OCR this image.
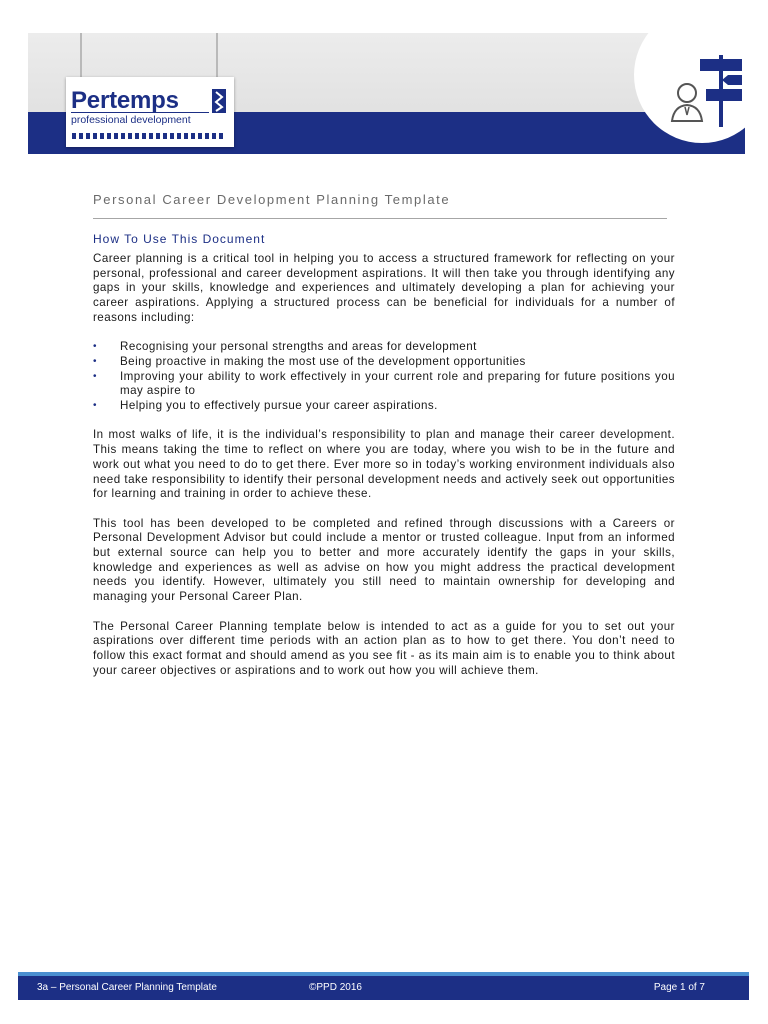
Pertemps
professional development
Personal Career Development Planning Template
How To Use This Document

Career planning is a critical tool in helping you to access a structured framework for reflecting on your personal, professional and career development aspirations. It will then take you through identifying any gaps in your skills, knowledge and experiences and ultimately developing a plan for achieving your career aspirations. Applying a structured process can be beneficial for individuals for a number of reasons including:

• Recognising your personal strengths and areas for development
• Being proactive in making the most use of the development opportunities
• Improving your ability to work effectively in your current role and preparing for future positions you may aspire to
• Helping you to effectively pursue your career aspirations.

In most walks of life, it is the individual’s responsibility to plan and manage their career development. This means taking the time to reflect on where you are today, where you wish to be in the future and work out what you need to do to get there. Ever more so in today’s working environment individuals also need take responsibility to identify their personal development needs and actively seek out opportunities for learning and training in order to achieve these.

This tool has been developed to be completed and refined through discussions with a Careers or Personal Development Advisor but could include a mentor or trusted colleague. Input from an informed but external source can help you to better and more accurately identify the gaps in your skills, knowledge and experiences as well as advise on how you might address the practical development needs you identify. However, ultimately you still need to maintain ownership for developing and managing your Personal Career Plan.

The Personal Career Planning template below is intended to act as a guide for you to set out your aspirations over different time periods with an action plan as to how to get there. You don’t need to follow this exact format and should amend as you see fit - as its main aim is to enable you to think about your career objectives or aspirations and to work out how you will achieve them.

3a – Personal Career Planning Template	©PPD 2016	Page 1 of 7
